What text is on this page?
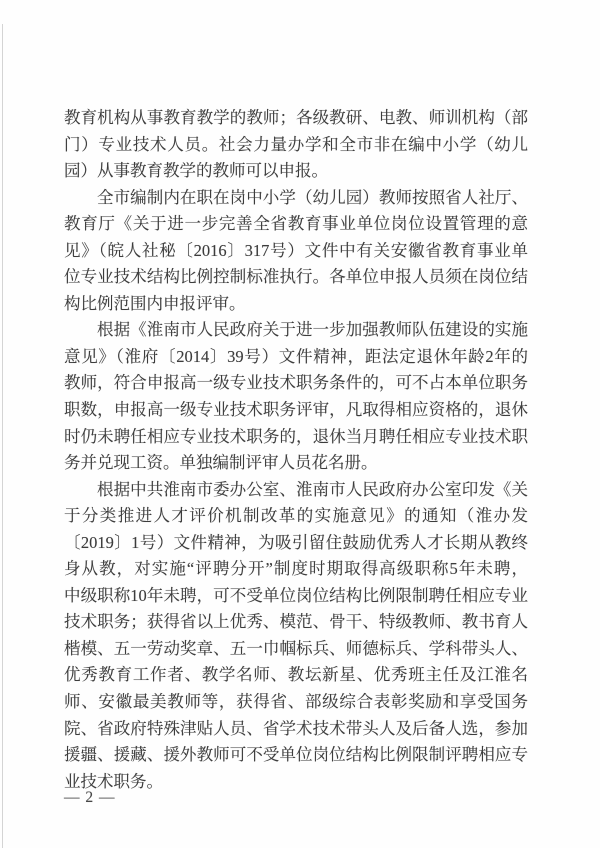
教育机构从事教育教学的教师；各级教研、电教、师训机构（部
门）专业技术人员。社会力量办学和全市非在编中小学（幼儿
园）从事教育教学的教师可以申报。
全市编制内在职在岗中小学（幼儿园）教师按照省人社厅、
教育厅《关于进一步完善全省教育事业单位岗位设置管理的意
见》（皖人社秘〔2016〕317号）文件中有关安徽省教育事业单
位专业技术结构比例控制标准执行。各单位申报人员须在岗位结
构比例范围内申报评审。
根据《淮南市人民政府关于进一步加强教师队伍建设的实施
意见》（淮府〔2014〕39号）文件精神，距法定退休年龄2年的
教师，符合申报高一级专业技术职务条件的，可不占本单位职务
职数，申报高一级专业技术职务评审，凡取得相应资格的，退休
时仍未聘任相应专业技术职务的，退休当月聘任相应专业技术职
务并兑现工资。单独编制评审人员花名册。
根据中共淮南市委办公室、淮南市人民政府办公室印发《关
于分类推进人才评价机制改革的实施意见》的通知（淮办发
〔2019〕1号）文件精神，为吸引留住鼓励优秀人才长期从教终
身从教，对实施“评聘分开”制度时期取得高级职称5年未聘，
中级职称10年未聘，可不受单位岗位结构比例限制聘任相应专业
技术职务；获得省以上优秀、模范、骨干、特级教师、教书育人
楷模、五一劳动奖章、五一巾帼标兵、师德标兵、学科带头人、
优秀教育工作者、教学名师、教坛新星、优秀班主任及江淮名
师、安徽最美教师等，获得省、部级综合表彰奖励和享受国务
院、省政府特殊津贴人员、省学术技术带头人及后备人选，参加
援疆、援藏、援外教师可不受单位岗位结构比例限制评聘相应专
业技术职务。
— 2 —
